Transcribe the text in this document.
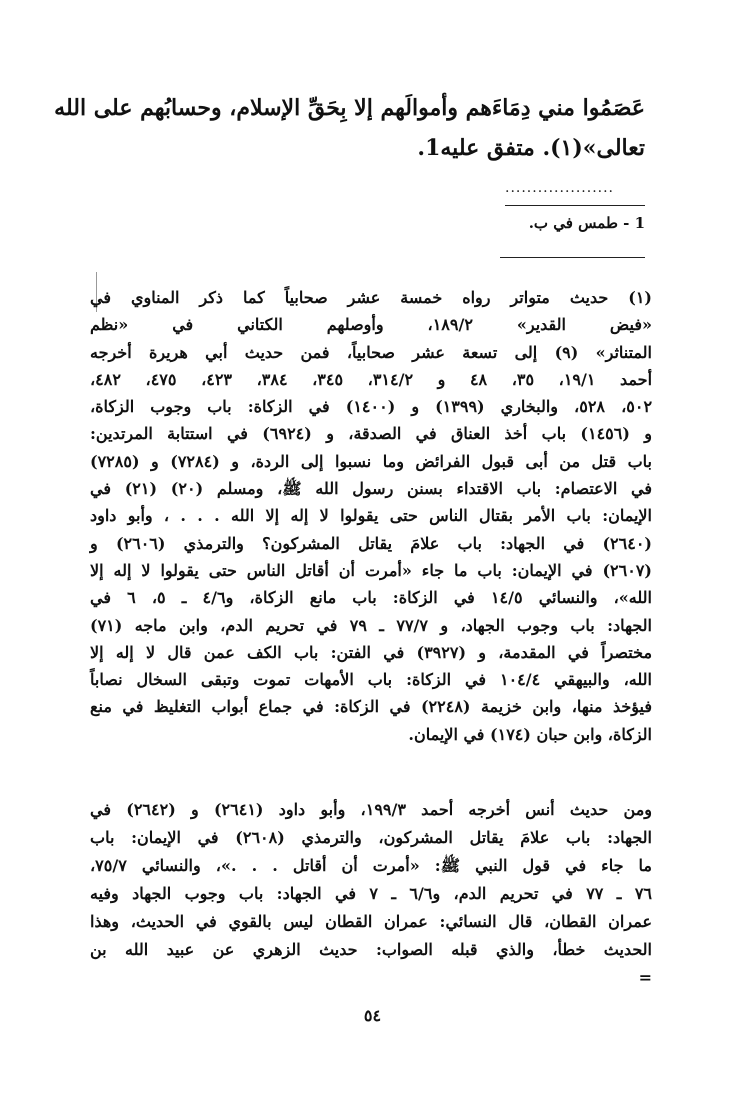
عَصَمُوا مني دِمَاءَهم وأموالَهم إلا بِحَقِّ الإسلام، وحسابُهم على الله
تعالى»(١). متفق عليه1.
....................
1 - طمس في ب.

(١) حديث متواتر رواه خمسة عشر صحابياً كما ذكر المناوي في

«فيض القدير» ١٨٩/٢، وأوصلهم الكتاني في «نظم

المتناثر» (٩) إلى تسعة عشر صحابياً، فمن حديث أبي هريرة أخرجه

أحمد ١٩/١، ٣٥، ٤٨ و ٣١٤/٢، ٣٤٥، ٣٨٤، ٤٢٣، ٤٧٥، ٤٨٢،

٥٠٢، ٥٢٨، والبخاري (١٣٩٩) و (١٤٠٠) في الزكاة: باب وجوب الزكاة،

و (١٤٥٦) باب أخذ العناق في الصدقة، و (٦٩٢٤) في استتابة المرتدين:

باب قتل من أبى قبول الفرائض وما نسبوا إلى الردة، و (٧٢٨٤) و (٧٢٨٥)

في الاعتصام: باب الاقتداء بسنن رسول الله ﷺ، ومسلم (٢٠) (٢١) في

الإيمان: باب الأمر بقتال الناس حتى يقولوا لا إله إلا الله . . . ، وأبو داود

(٢٦٤٠) في الجهاد: باب علامَ يقاتل المشركون؟ والترمذي (٢٦٠٦) و

(٢٦٠٧) في الإيمان: باب ما جاء «أمرت أن أقاتل الناس حتى يقولوا لا إله إلا

الله»، والنسائي ١٤/٥ في الزكاة: باب مانع الزكاة، و٤/٦ ـ ٥، ٦ في

الجهاد: باب وجوب الجهاد، و ٧٧/٧ ـ ٧٩ في تحريم الدم، وابن ماجه (٧١)

مختصراً في المقدمة، و (٣٩٢٧) في الفتن: باب الكف عمن قال لا إله إلا

الله، والبيهقي ١٠٤/٤ في الزكاة: باب الأمهات تموت وتبقى السخال نصاباً

فيؤخذ منها، وابن خزيمة (٢٢٤٨) في الزكاة: في جماع أبواب التغليظ في منع

الزكاة، وابن حبان (١٧٤) في الإيمان.

ومن حديث أنس أخرجه أحمد ١٩٩/٣، وأبو داود (٢٦٤١) و (٢٦٤٢) في

الجهاد: باب علامَ يقاتل المشركون، والترمذي (٢٦٠٨) في الإيمان: باب

ما جاء في قول النبي ﷺ: «أمرت أن أقاتل . . .»، والنسائي ٧٥/٧،

٧٦ ـ ٧٧ في تحريم الدم، و٦/٦ ـ ٧ في الجهاد: باب وجوب الجهاد وفيه

عمران القطان، قال النسائي: عمران القطان ليس بالقوي في الحديث، وهذا

الحديث خطأ، والذي قبله الصواب: حديث الزهري عن عبيد الله بن

=

٥٤
